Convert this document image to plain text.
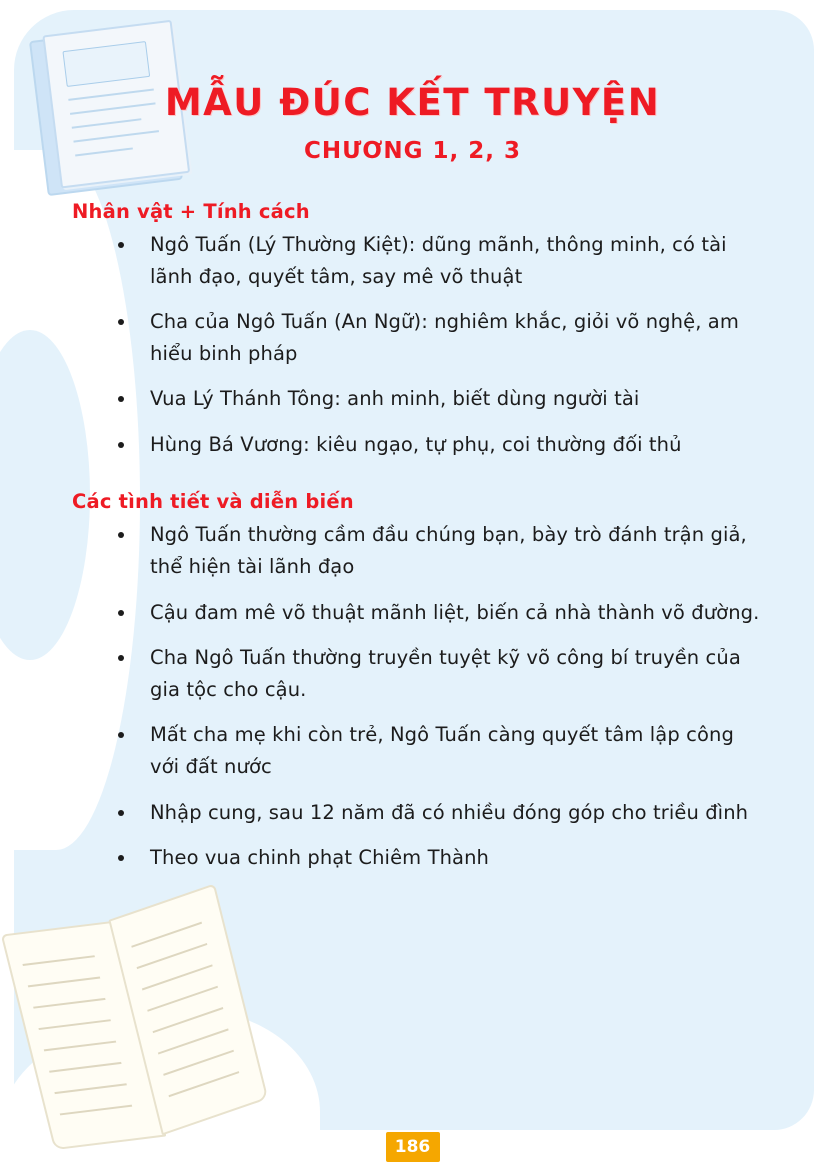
MẪU ĐÚC KẾT TRUYỆN
CHƯƠNG 1, 2, 3
Nhân vật + Tính cách
Ngô Tuấn (Lý Thường Kiệt): dũng mãnh, thông minh, có tài lãnh đạo, quyết tâm, say mê võ thuật
Cha của Ngô Tuấn (An Ngữ): nghiêm khắc, giỏi võ nghệ, am hiểu binh pháp
Vua Lý Thánh Tông: anh minh, biết dùng người tài
Hùng Bá Vương: kiêu ngạo, tự phụ, coi thường đối thủ
Các tình tiết và diễn biến
Ngô Tuấn thường cầm đầu chúng bạn, bày trò đánh trận giả, thể hiện tài lãnh đạo
Cậu đam mê võ thuật mãnh liệt, biến cả nhà thành võ đường.
Cha Ngô Tuấn thường truyền tuyệt kỹ võ công bí truyền của gia tộc cho cậu.
Mất cha mẹ khi còn trẻ, Ngô Tuấn càng quyết tâm lập công với đất nước
Nhập cung, sau 12 năm đã có nhiều đóng góp cho triều đình
Theo vua chinh phạt Chiêm Thành
186
